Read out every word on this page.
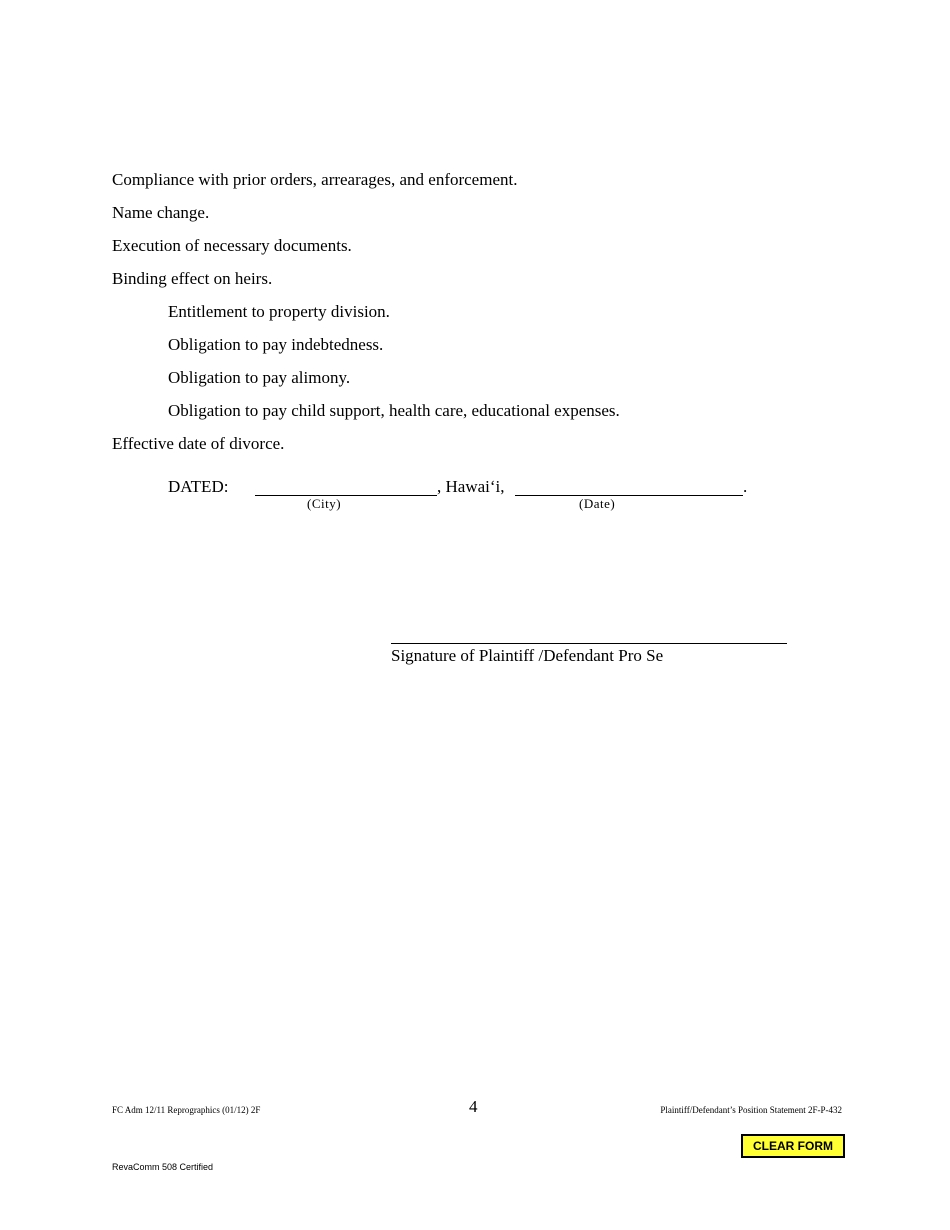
Compliance with prior orders, arrearages, and enforcement.
Name change.
Execution of necessary documents.
Binding effect on heirs.
Entitlement to property division.
Obligation to pay indebtedness.
Obligation to pay alimony.
Obligation to pay child support, health care, educational expenses.
Effective date of divorce.
DATED:
(City)
, Hawai‘i,
(Date)
.
Signature of Plaintiff /Defendant Pro Se
FC Adm 12/11 Reprographics (01/12) 2F	4	Plaintiff/Defendant’s Position Statement 2F-P-432
CLEAR FORM
RevaComm 508 Certified
